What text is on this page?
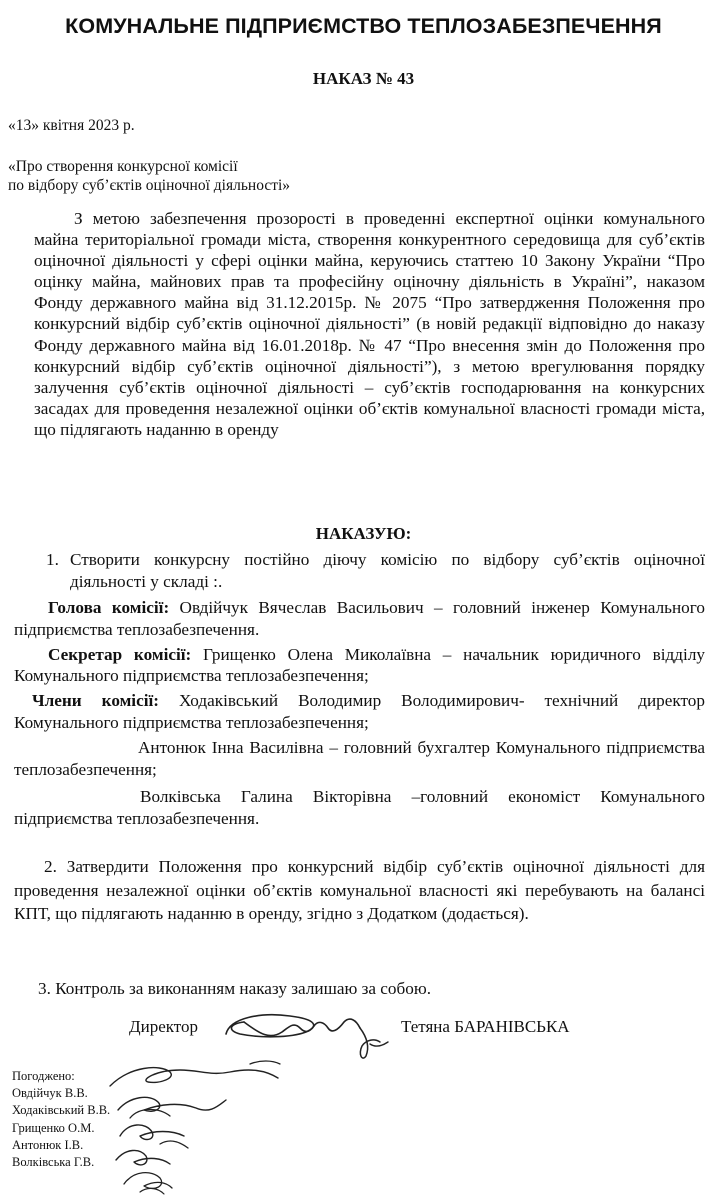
КОМУНАЛЬНЕ ПІДПРИЄМСТВО ТЕПЛОЗАБЕЗПЕЧЕННЯ
НАКАЗ № 43
«13» квітня 2023 р.
«Про створення конкурсної комісії
по відбору суб’єктів оціночної діяльності»

З метою забезпечення прозорості в проведенні експертної оцінки комунального майна територіальної громади міста, створення конкурентного середовища для суб’єктів оціночної діяльності у сфері оцінки майна, керуючись статтею 10 Закону України “Про оцінку майна, майнових прав та професійну оціночну діяльність в Україні”, наказом Фонду державного майна від 31.12.2015р. № 2075 “Про затвердження Положення про конкурсний відбір суб’єктів оціночної діяльності” (в новій редакції відповідно до наказу Фонду державного майна від 16.01.2018р. № 47 “Про внесення змін до Положення про конкурсний відбір суб’єктів оціночної діяльності”), з метою врегулювання порядку залучення суб’єктів оціночної діяльності – суб’єктів господарювання на конкурсних засадах для проведення незалежної оцінки об’єктів комунальної власності громади міста, що підлягають наданню в оренду

НАКАЗУЮ:
1. Створити конкурсну постійно діючу комісію по відбору суб’єктів оціночної діяльності у складі :.

Голова комісії: Овдійчук Вячеслав Васильович – головний інженер Комунального підприємства теплозабезпечення.

Секретар комісії: Грищенко Олена Миколаївна – начальник юридичного відділу Комунального підприємства теплозабезпечення;

Члени комісії: Ходаківський Володимир Володимирович- технічний директор Комунального підприємства теплозабезпечення;

Антонюк Інна Василівна – головний бухгалтер Комунального підприємства теплозабезпечення;

Волківська Галина Вікторівна –головний економіст Комунального підприємства теплозабезпечення.

2. Затвердити Положення про конкурсний відбір суб’єктів оціночної діяльності для проведення незалежної оцінки об’єктів комунальної власності які перебувають на балансі КПТ, що підлягають наданню в оренду, згідно з Додатком (додається).

3. Контроль за виконанням наказу залишаю за собою.

Директор	Тетяна БАРАНІВСЬКА
Погоджено:
Овдійчук В.В.
Ходаківський В.В.
Грищенко О.М.
Антонюк І.В.
Волківська Г.В.
